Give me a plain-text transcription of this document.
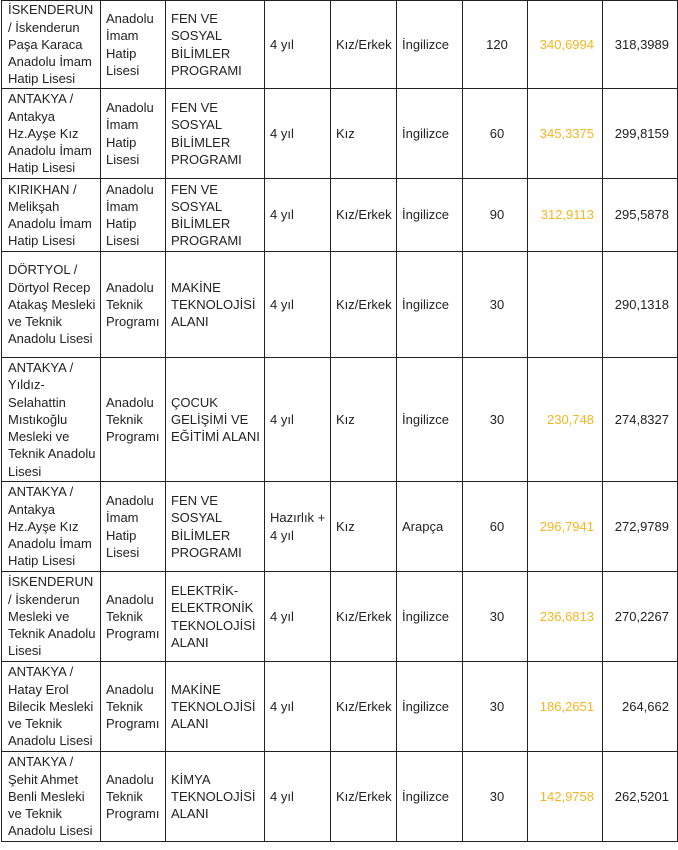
İSKENDERUN / İskenderun Paşa Karaca Anadolu İmam Hatip Lisesi	Anadolu İmam Hatip Lisesi	FEN VE SOSYAL BİLİMLER PROGRAMI	4 yıl	Kız/Erkek	İngilizce	120	340,6994	318,3989
ANTAKYA / Antakya Hz.Ayşe Kız Anadolu İmam Hatip Lisesi	Anadolu İmam Hatip Lisesi	FEN VE SOSYAL BİLİMLER PROGRAMI	4 yıl	Kız	İngilizce	60	345,3375	299,8159
KIRIKHAN / Melikşah Anadolu İmam Hatip Lisesi	Anadolu İmam Hatip Lisesi	FEN VE SOSYAL BİLİMLER PROGRAMI	4 yıl	Kız/Erkek	İngilizce	90	312,9113	295,5878
DÖRTYOL / Dörtyol Recep Atakaş Mesleki ve Teknik Anadolu Lisesi	Anadolu Teknik Programı	MAKİNE TEKNOLOJİSİ ALANI	4 yıl	Kız/Erkek	İngilizce	30		290,1318
ANTAKYA / Yıldız-Selahattin Mıstıkoğlu Mesleki ve Teknik Anadolu Lisesi	Anadolu Teknik Programı	ÇOCUK GELİŞİMİ VE EĞİTİMİ ALANI	4 yıl	Kız	İngilizce	30	230,748	274,8327
ANTAKYA / Antakya Hz.Ayşe Kız Anadolu İmam Hatip Lisesi	Anadolu İmam Hatip Lisesi	FEN VE SOSYAL BİLİMLER PROGRAMI	Hazırlık + 4 yıl	Kız	Arapça	60	296,7941	272,9789
İSKENDERUN / İskenderun Mesleki ve Teknik Anadolu Lisesi	Anadolu Teknik Programı	ELEKTRİK-ELEKTRONİK TEKNOLOJİSİ ALANI	4 yıl	Kız/Erkek	İngilizce	30	236,6813	270,2267
ANTAKYA / Hatay Erol Bilecik Mesleki ve Teknik Anadolu Lisesi	Anadolu Teknik Programı	MAKİNE TEKNOLOJİSİ ALANI	4 yıl	Kız/Erkek	İngilizce	30	186,2651	264,662
ANTAKYA / Şehit Ahmet Benli Mesleki ve Teknik Anadolu Lisesi	Anadolu Teknik Programı	KİMYA TEKNOLOJİSİ ALANI	4 yıl	Kız/Erkek	İngilizce	30	142,9758	262,5201
